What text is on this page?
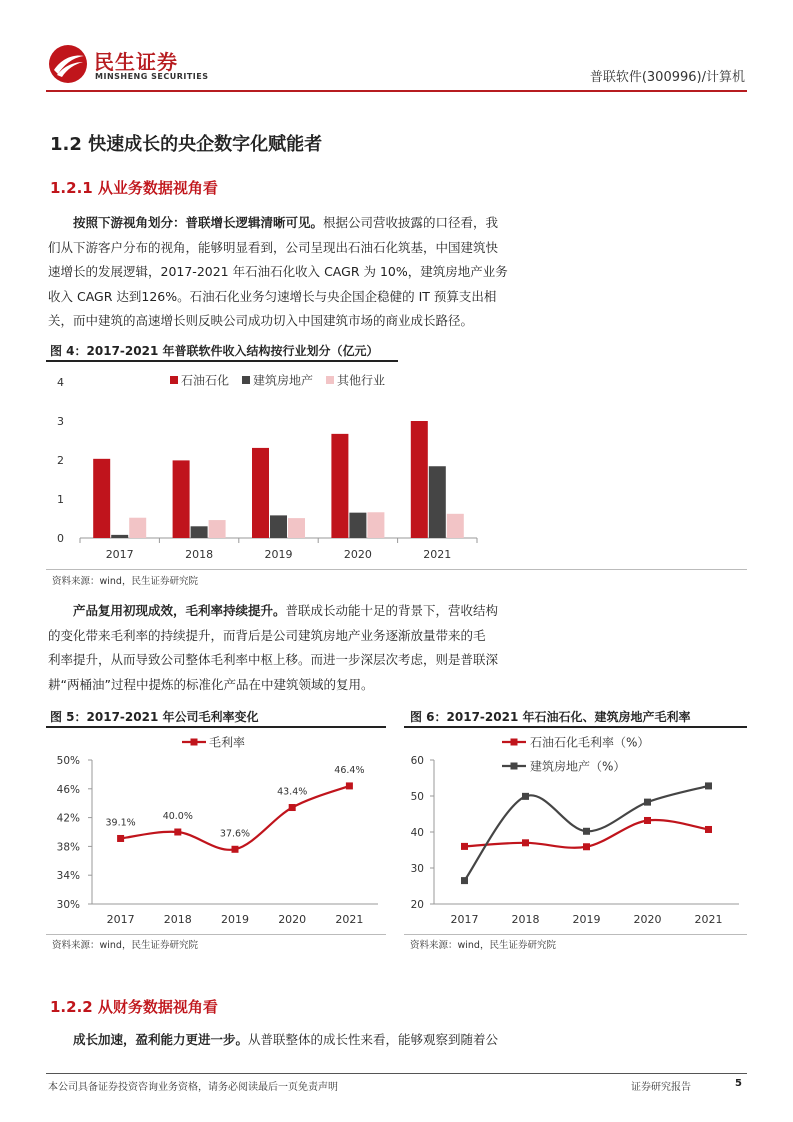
民生证券
MINSHENG SECURITIES	普联软件(300996)/计算机
1.2 快速成长的央企数字化赋能者
1.2.1 从业务数据视角看
按照下游视角划分：普联增长逻辑清晰可见。根据公司营收披露的口径看，我
们从下游客户分布的视角，能够明显看到，公司呈现出石油石化筑基，中国建筑快
速增长的发展逻辑，2017-2021 年石油石化收入 CAGR 为 10%，建筑房地产业务
收入 CAGR 达到126%。石油石化业务匀速增长与央企国企稳健的 IT 预算支出相
关，而中建筑的高速增长则反映公司成功切入中国建筑市场的商业成长路径。
图 4：2017-2021 年普联软件收入结构按行业划分（亿元）
0
1
2
3
4
2017	2018	2019	2020	2021
石油石化 建筑房地产 其他行业
资料来源：wind，民生证券研究院
产品复用初现成效，毛利率持续提升。普联成长动能十足的背景下，营收结构
的变化带来毛利率的持续提升，而背后是公司建筑房地产业务逐渐放量带来的毛
利率提升，从而导致公司整体毛利率中枢上移。而进一步深层次考虑，则是普联深
耕“两桶油”过程中提炼的标准化产品在中建筑领域的复用。
图 5：2017-2021 年公司毛利率变化
30%
34%
38%
42%
46%
50%
2017	2018	2019	2020	2021
39.1%
40.0%
37.6%
43.4%
46.4%
毛利率
资料来源：wind，民生证券研究院
图 6：2017-2021 年石油石化、建筑房地产毛利率
20
30
40
50
60
2017	2018	2019	2020	2021
石油石化毛利率（%）
建筑房地产（%）
资料来源：wind，民生证券研究院
1.2.2 从财务数据视角看
成长加速，盈利能力更进一步。从普联整体的成长性来看，能够观察到随着公
本公司具备证券投资咨询业务资格，请务必阅读最后一页免责声明	证券研究报告	5
